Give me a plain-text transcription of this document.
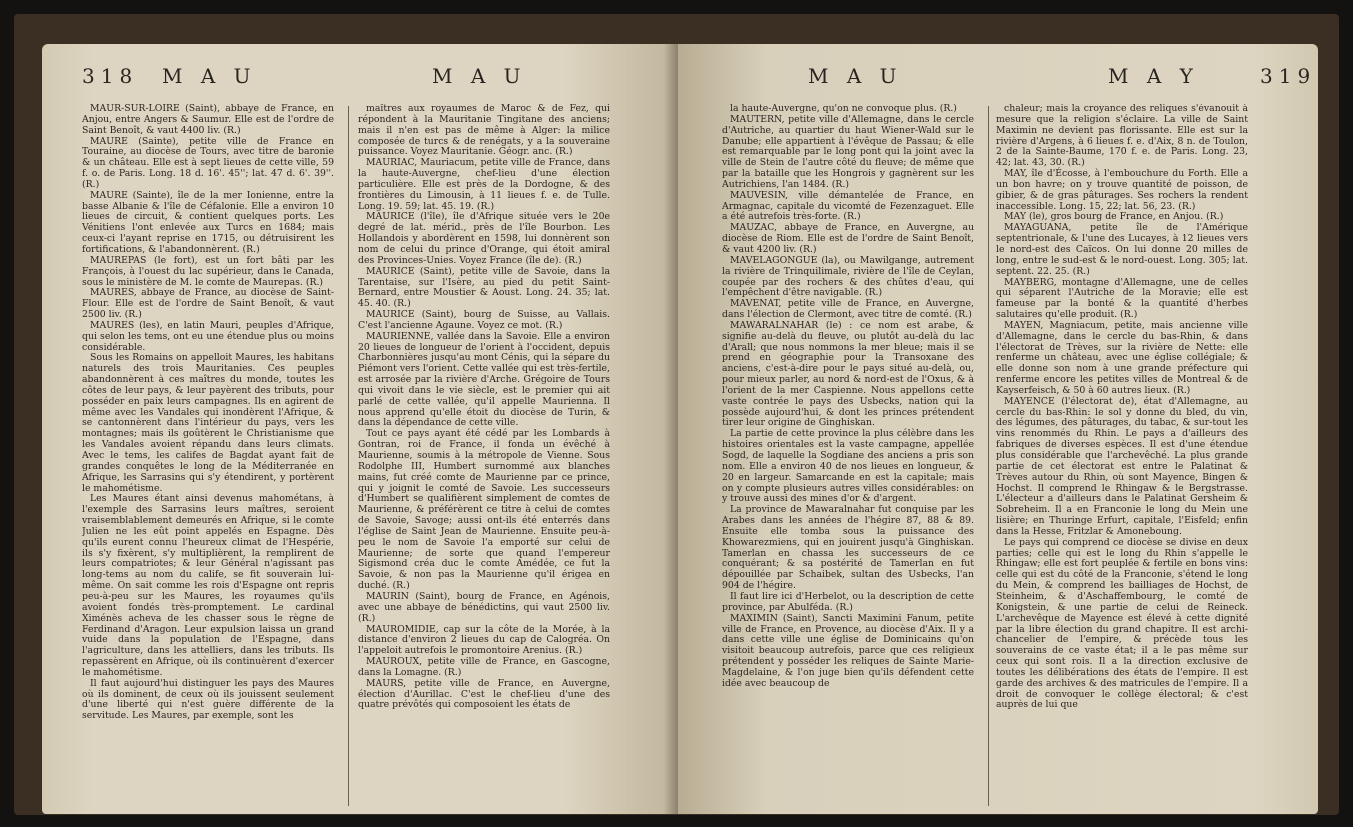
318 M A U	M A U

MAUR-SUR-LOIRE (Saint), abbaye de France, en Anjou, entre Angers & Saumur. Elle est de l'ordre de Saint Benoît, & vaut 4400 liv. (R.)

MAURE (Sainte), petite ville de France en Touraine, au diocèse de Tours, avec titre de baronie & un château. Elle est à sept lieues de cette ville, 59 f. o. de Paris. Long. 18 d. 16'. 45''; lat. 47 d. 6'. 39''. (R.)

MAURE (Sainte), île de la mer Ionienne, entre la basse Albanie & l'île de Céfalonie. Elle a environ 10 lieues de circuit, & contient quelques ports. Les Vénitiens l'ont enlevée aux Turcs en 1684; mais ceux-ci l'ayant reprise en 1715, ou détruisirent les fortifications, & l'abandonnèrent. (R.)

MAUREPAS (le fort), est un fort bâti par les François, à l'ouest du lac supérieur, dans le Canada, sous le ministère de M. le comte de Maurepas. (R.)

MAURES, abbaye de France, au diocèse de Saint-Flour. Elle est de l'ordre de Saint Benoît, & vaut 2500 liv. (R.)

MAURES (les), en latin Mauri, peuples d'Afrique, qui selon les tems, ont eu une étendue plus ou moins considérable.

Sous les Romains on appelloit Maures, les habitans naturels des trois Mauritanies. Ces peuples abandonnèrent à ces maîtres du monde, toutes les côtes de leur pays, & leur payèrent des tributs, pour posséder en paix leurs campagnes. Ils en agirent de même avec les Vandales qui inondèrent l'Afrique, & se cantonnèrent dans l'intérieur du pays, vers les montagnes; mais ils goûtèrent le Christianisme que les Vandales avoient répandu dans leurs climats. Avec le tems, les califes de Bagdat ayant fait de grandes conquêtes le long de la Méditerranée en Afrique, les Sarrasins qui s'y étendirent, y portèrent le mahométisme.

Les Maures étant ainsi devenus mahométans, à l'exemple des Sarrasins leurs maîtres, seroient vraisemblablement demeurés en Afrique, si le comte Julien ne les eût point appelés en Espagne. Dès qu'ils eurent connu l'heureux climat de l'Hespérie, ils s'y fixèrent, s'y multiplièrent, la remplirent de leurs compatriotes; & leur Général n'agissant pas long-tems au nom du calife, se fit souverain lui-même. On sait comme les rois d'Espagne ont repris peu-à-peu sur les Maures, les royaumes qu'ils avoient fondés très-promptement. Le cardinal Ximénès acheva de les chasser sous le règne de Ferdinand d'Aragon. Leur expulsion laissa un grand vuide dans la population de l'Espagne, dans l'agriculture, dans les attelliers, dans les tributs. Ils repassèrent en Afrique, où ils continuèrent d'exercer le mahométisme.

Il faut aujourd'hui distinguer les pays des Maures où ils dominent, de ceux où ils jouissent seulement d'une liberté qui n'est guère différente de la servitude. Les Maures, par exemple, sont les

maîtres aux royaumes de Maroc & de Fez, qui répondent à la Mauritanie Tingitane des anciens; mais il n'en est pas de même à Alger: la milice composée de turcs & de renégats, y a la souveraine puissance. Voyez Mauritanie. Géogr. anc. (R.)

MAURIAC, Mauriacum, petite ville de France, dans la haute-Auvergne, chef-lieu d'une élection particulière. Elle est près de la Dordogne, & des frontières du Limousin, à 11 lieues f. e. de Tulle. Long. 19. 59; lat. 45. 19. (R.)

MAURICE (l'île), île d'Afrique située vers le 20e degré de lat. mérid., près de l'île Bourbon. Les Hollandois y abordèrent en 1598, lui donnèrent son nom de celui du prince d'Orange, qui étoit amiral des Provinces-Unies. Voyez France (île de). (R.)

MAURICE (Saint), petite ville de Savoie, dans la Tarentaise, sur l'Isère, au pied du petit Saint-Bernard, entre Moustier & Aoust. Long. 24. 35; lat. 45. 40. (R.)

MAURICE (Saint), bourg de Suisse, au Vallais. C'est l'ancienne Agaune. Voyez ce mot. (R.)

MAURIENNE, vallée dans la Savoie. Elle a environ 20 lieues de longueur de l'orient à l'occident, depuis Charbonnières jusqu'au mont Cénis, qui la sépare du Piémont vers l'orient. Cette vallée qui est très-fertile, est arrosée par la rivière d'Arche. Grégoire de Tours qui vivoit dans le vie siècle, est le premier qui ait parlé de cette vallée, qu'il appelle Maurienna. Il nous apprend qu'elle étoit du diocèse de Turin, & dans la dépendance de cette ville.

Tout ce pays ayant été cédé par les Lombards à Gontran, roi de France, il fonda un évêché à Maurienne, soumis à la métropole de Vienne. Sous Rodolphe III, Humbert surnommé aux blanches mains, fut créé comte de Maurienne par ce prince, qui y joignit le comté de Savoie. Les successeurs d'Humbert se qualifièrent simplement de comtes de Maurienne, & préférèrent ce titre à celui de comtes de Savoie, Savoge; aussi ont-ils été enterrés dans l'église de Saint Jean de Maurienne. Ensuite peu-à-peu le nom de Savoie l'a emporté sur celui de Maurienne; de sorte que quand l'empereur Sigismond créa duc le comte Amédée, ce fut la Savoie, & non pas la Maurienne qu'il érigea en duché. (R.)

MAURIN (Saint), bourg de France, en Agénois, avec une abbaye de bénédictins, qui vaut 2500 liv. (R.)

MAUROMIDIE, cap sur la côte de la Morée, à la distance d'environ 2 lieues du cap de Calogréa. On l'appeloit autrefois le promontoire Arenius. (R.)

MAUROUX, petite ville de France, en Gascogne, dans la Lomagne. (R.)

MAURS, petite ville de France, en Auvergne, élection d'Aurillac. C'est le chef-lieu d'une des quatre prévôtés qui composoient les états de

M A U	M A Y	319

la haute-Auvergne, qu'on ne convoque plus. (R.)

MAUTERN, petite ville d'Allemagne, dans le cercle d'Autriche, au quartier du haut Wiener-Wald sur le Danube; elle appartient à l'évêque de Passau; & elle est remarquable par le long pont qui la joint avec la ville de Stein de l'autre côté du fleuve; de même que par la bataille que les Hongrois y gagnèrent sur les Autrichiens, l'an 1484. (R.)

MAUVESIN, ville démantelée de France, en Armagnac, capitale du vicomté de Fezenzaguet. Elle a été autrefois très-forte. (R.)

MAUZAC, abbaye de France, en Auvergne, au diocèse de Riom. Elle est de l'ordre de Saint Benoît, & vaut 4200 liv. (R.)

MAVELAGONGUE (la), ou Mawilgange, autrement la rivière de Trinquilimale, rivière de l'île de Ceylan, coupée par des rochers & des chûtes d'eau, qui l'empêchent d'être navigable. (R.)

MAVENAT, petite ville de France, en Auvergne, dans l'élection de Clermont, avec titre de comté. (R.)

MAWARALNAHAR (le) : ce nom est arabe, & signifie au-delà du fleuve, ou plutôt au-delà du lac d'Arall; que nous nommons la mer bleue; mais il se prend en géographie pour la Transoxane des anciens, c'est-à-dire pour le pays situé au-delà, ou, pour mieux parler, au nord & nord-est de l'Oxus, & à l'orient de la mer Caspienne. Nous appellons cette vaste contrée le pays des Usbecks, nation qui la possède aujourd'hui, & dont les princes prétendent tirer leur origine de Ginghiskan.

La partie de cette province la plus célèbre dans les histoires orientales est la vaste campagne, appellée Sogd, de laquelle la Sogdiane des anciens a pris son nom. Elle a environ 40 de nos lieues en longueur, & 20 en largeur. Samarcande en est la capitale; mais on y compte plusieurs autres villes considérables: on y trouve aussi des mines d'or & d'argent.

La province de Mawaralnahar fut conquise par les Arabes dans les années de l'hégire 87, 88 & 89. Ensuite elle tomba sous la puissance des Khowarezmiens, qui en jouirent jusqu'à Ginghiskan. Tamerlan en chassa les successeurs de ce conquérant; & sa postérité de Tamerlan en fut dépouillée par Schaibek, sultan des Usbecks, l'an 904 de l'hégire.

Il faut lire ici d'Herbelot, ou la description de cette province, par Abulféda. (R.)

MAXIMIN (Saint), Sancti Maximini Fanum, petite ville de France, en Provence, au diocèse d'Aix. Il y a dans cette ville une église de Dominicains qu'on visitoit beaucoup autrefois, parce que ces religieux prétendent y posséder les reliques de Sainte Marie-Magdelaine, & l'on juge bien qu'ils défendent cette idée avec beaucoup de

chaleur; mais la croyance des reliques s'évanouit à mesure que la religion s'éclaire. La ville de Saint Maximin ne devient pas florissante. Elle est sur la rivière d'Argens, à 6 lieues f. e. d'Aix, 8 n. de Toulon, 2 de la Sainte-Baume, 170 f. e. de Paris. Long. 23, 42; lat. 43, 30. (R.)

MAY, île d'Écosse, à l'embouchure du Forth. Elle a un bon havre; on y trouve quantité de poisson, de gibier, & de gras pâturages. Ses rochers la rendent inaccessible. Long. 15, 22; lat. 56, 23. (R.)

MAY (le), gros bourg de France, en Anjou. (R.)

MAYAGUANA, petite île de l'Amérique septentrionale, & l'une des Lucayes, à 12 lieues vers le nord-est des Caïcos. On lui donne 20 milles de long, entre le sud-est & le nord-ouest. Long. 305; lat. septent. 22. 25. (R.)

MAYBERG, montagne d'Allemagne, une de celles qui séparent l'Autriche de la Moravie; elle est fameuse par la bonté & la quantité d'herbes salutaires qu'elle produit. (R.)

MAYEN, Magniacum, petite, mais ancienne ville d'Allemagne, dans le cercle du bas-Rhin, & dans l'électorat de Trèves, sur la rivière de Nette: elle renferme un château, avec une église collégiale; & elle donne son nom à une grande préfecture qui renferme encore les petites villes de Montreal & de Kayserfeisch, & 50 à 60 autres lieux. (R.)

MAYENCE (l'électorat de), état d'Allemagne, au cercle du bas-Rhin: le sol y donne du bled, du vin, des légumes, des pâturages, du tabac, & sur-tout les vins renommés du Rhin. Le pays a d'ailleurs des fabriques de diverses espèces. Il est d'une étendue plus considérable que l'archevêché. La plus grande partie de cet électorat est entre le Palatinat & Trèves autour du Rhin, où sont Mayence, Bingen & Hochst. Il comprend le Rhingaw & le Bergstrasse. L'électeur a d'ailleurs dans le Palatinat Gersheim & Sobreheim. Il a en Franconie le long du Mein une lisière; en Thuringe Erfurt, capitale, l'Eisfeld; enfin dans la Hesse, Fritzlar & Amoneboung.

Le pays qui comprend ce diocèse se divise en deux parties; celle qui est le long du Rhin s'appelle le Rhingaw; elle est fort peuplée & fertile en bons vins: celle qui est du côté de la Franconie, s'étend le long du Mein, & comprend les bailliages de Hochst, de Steinheim, & d'Aschaffembourg, le comté de Konigstein, & une partie de celui de Reineck. L'archevêque de Mayence est élevé à cette dignité par la libre élection du grand chapitre. Il est archi-chancelier de l'empire, & précède tous les souverains de ce vaste état; il a le pas même sur ceux qui sont rois. Il a la direction exclusive de toutes les délibérations des états de l'empire. Il est garde des archives & des matricules de l'empire. Il a droit de convoquer le collège électoral; & c'est auprès de lui que
